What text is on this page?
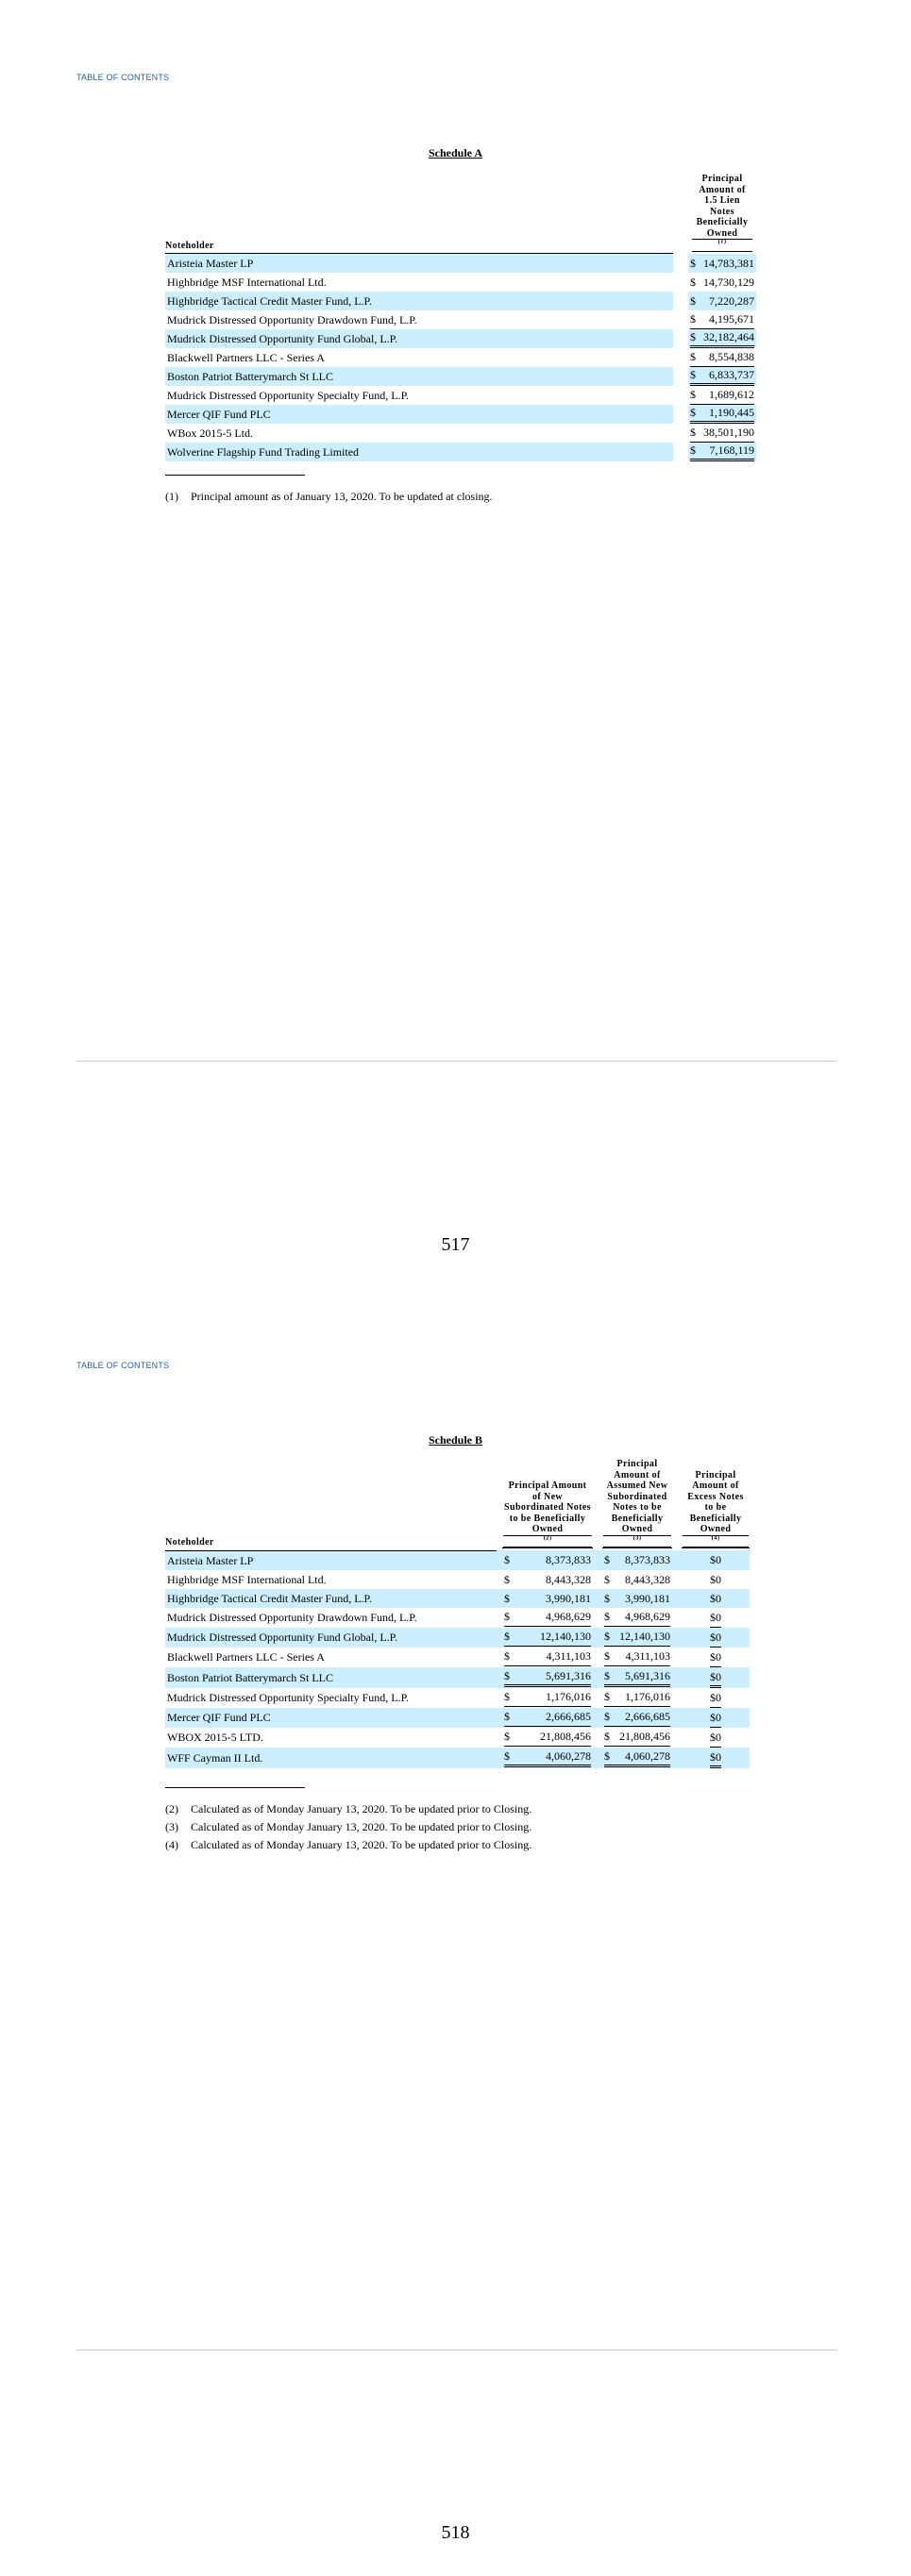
TABLE OF CONTENTS
Schedule A
Noteholder		Principal Amount of 1.5 Lien Notes Beneficially Owned
$^{(1)}$

Aristeia Master LP		$ 14,783,381

Highbridge MSF International Ltd.		$ 14,730,129

Highbridge Tactical Credit Master Fund, L.P.		$ 7,220,287

Mudrick Distressed Opportunity Drawdown Fund, L.P.		$ 4,195,671

Mudrick Distressed Opportunity Fund Global, L.P.		$ 32,182,464

Blackwell Partners LLC - Series A		$ 8,554,838

Boston Patriot Batterymarch St LLC		$ 6,833,737

Mudrick Distressed Opportunity Specialty Fund, L.P.		$ 1,689,612

Mercer QIF Fund PLC		$ 1,190,445

WBox 2015-5 Ltd.		$ 38,501,190

Wolverine Flagship Fund Trading Limited		$ 7,168,119
(1) Principal amount as of January 13, 2020. To be updated at closing.
517
TABLE OF CONTENTS
Schedule B
Noteholder		Principal Amount of New Subordinated Notes to be Beneficially Owned
$^{(2)}$		Principal Amount of Assumed New Subordinated Notes to be Beneficially Owned
$^{(3)}$		Principal Amount of Excess Notes to be Beneficially Owned
$^{(4)}$

Aristeia Master LP		$ 8,373,833		$ 8,373,833		$0
Highbridge MSF International Ltd.		$ 8,443,328		$ 8,443,328		$0
Highbridge Tactical Credit Master Fund, L.P.		$ 3,990,181		$ 3,990,181		$0
Mudrick Distressed Opportunity Drawdown Fund, L.P.		$ 4,968,629		$ 4,968,629		$0
Mudrick Distressed Opportunity Fund Global, L.P.		$ 12,140,130		$ 12,140,130		$0
Blackwell Partners LLC - Series A		$ 4,311,103		$ 4,311,103		$0
Boston Patriot Batterymarch St LLC		$ 5,691,316		$ 5,691,316		$0
Mudrick Distressed Opportunity Specialty Fund, L.P.		$ 1,176,016		$ 1,176,016		$0
Mercer QIF Fund PLC		$ 2,666,685		$ 2,666,685		$0
WBOX 2015-5 LTD.		$ 21,808,456		$ 21,808,456		$0
WFF Cayman II Ltd.		$ 4,060,278		$ 4,060,278		$0
(2) Calculated as of Monday January 13, 2020. To be updated prior to Closing.
(3) Calculated as of Monday January 13, 2020. To be updated prior to Closing.
(4) Calculated as of Monday January 13, 2020. To be updated prior to Closing.
518
